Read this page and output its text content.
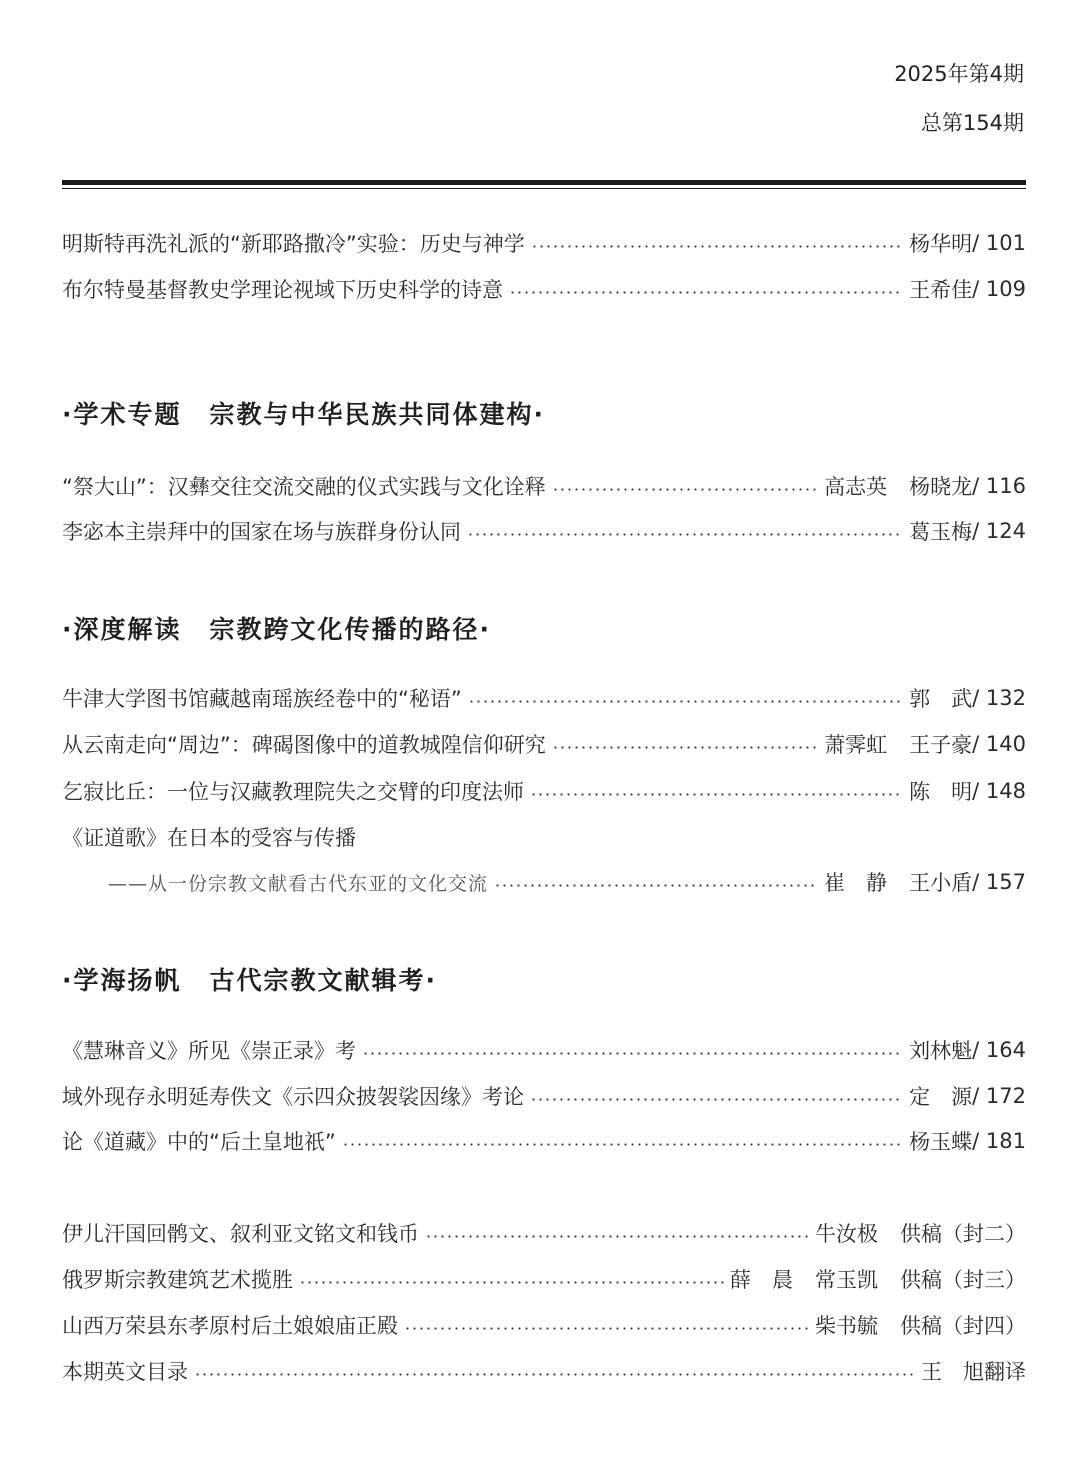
2025年第4期
总第154期
明斯特再洗礼派的“新耶路撒冷”实验：历史与神学	杨华明 / 101
布尔特曼基督教史学理论视域下历史科学的诗意	王希佳 / 109
·学术专题 宗教与中华民族共同体建构·
“祭大山”：汉彝交往交流交融的仪式实践与文化诠释	高志英 杨晓龙 / 116
李宓本主崇拜中的国家在场与族群身份认同	葛玉梅 / 124
·深度解读 宗教跨文化传播的路径·
牛津大学图书馆藏越南瑶族经卷中的“秘语”	郭　武 / 132
从云南走向“周边”：碑碣图像中的道教城隍信仰研究	萧霁虹 王子豪 / 140
乞寂比丘：一位与汉藏教理院失之交臂的印度法师	陈　明 / 148
《证道歌》在日本的受容与传播
——从一份宗教文献看古代东亚的文化交流	崔　静 王小盾 / 157
·学海扬帆 古代宗教文献辑考·
《慧琳音义》所见《崇正录》考	刘林魁 / 164
域外现存永明延寿佚文《示四众披袈裟因缘》考论	定　源 / 172
论《道藏》中的“后土皇地祇”	杨玉蝶 / 181
伊儿汗国回鹘文、叙利亚文铭文和钱币	牛汝极 供稿（封二）
俄罗斯宗教建筑艺术揽胜	薛　晨 常玉凯 供稿（封三）
山西万荣县东孝原村后土娘娘庙正殿	柴书毓 供稿（封四）
本期英文目录	王　旭翻译
